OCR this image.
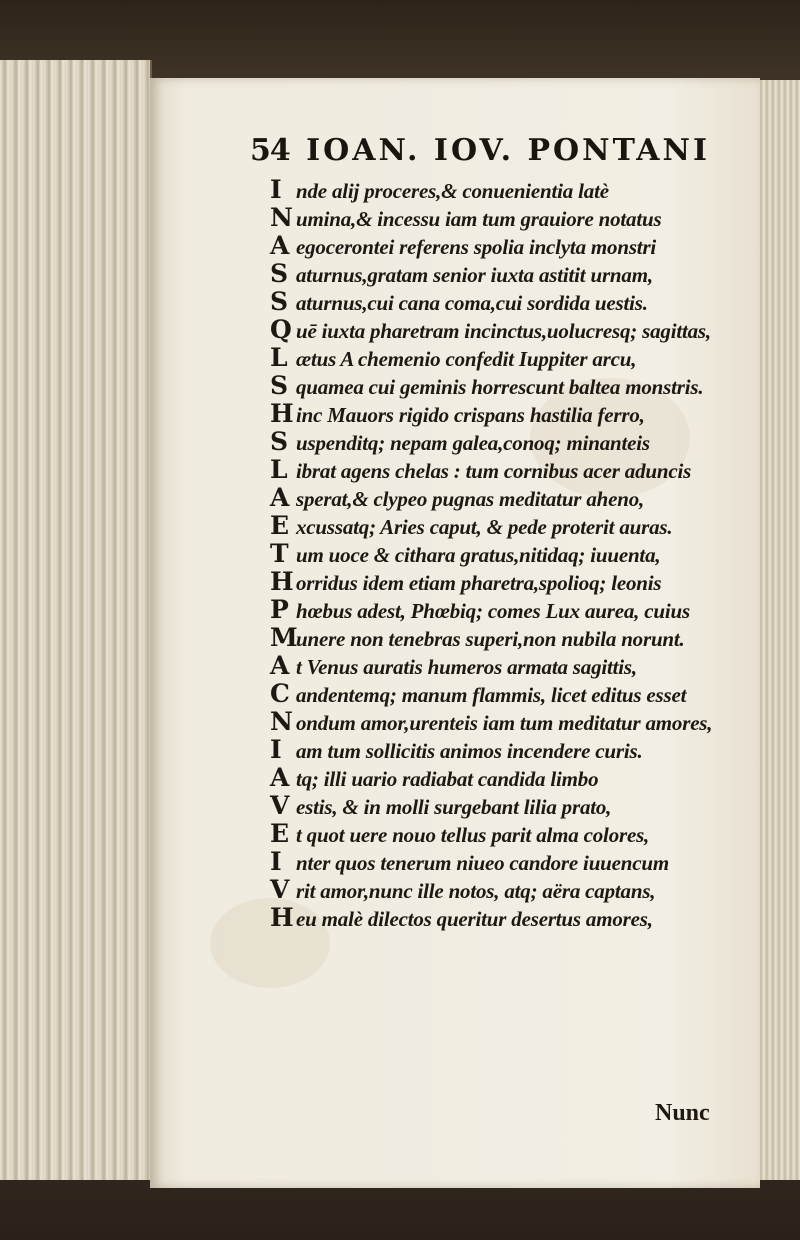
54 IOAN. IOV. PONTANI
I nde alij proceres,& conuenientia latè
N umina,& incessu iam tum grauiore notatus
A egocerontei referens spolia inclyta monstri
S aturnus,gratam senior iuxta astitit urnam,
S aturnus,cui cana coma,cui sordida uestis.
Q uē iuxta pharetram incinctus,uolucresq; sagittas,
L ætus A chemenio confedit Iuppiter arcu,
S quamea cui geminis horrescunt baltea monstris.
H inc Mauors rigido crispans hastilia ferro,
S uspenditq; nepam galea,conoq; minanteis
L ibrat agens chelas : tum cornibus acer aduncis
A sperat,& clypeo pugnas meditatur aheno,
E xcussatq; Aries caput, & pede proterit auras.
T um uoce & cithara gratus,nitidaq; iuuenta,
H orridus idem etiam pharetra,spolioq; leonis
P hœbus adest, Phœbiq; comes Lux aurea, cuius
M
unere non tenebras superi,non nubila norunt.
A t Venus auratis humeros armata sagittis,
C andentemq; manum flammis, licet editus esset
N ondum amor,urenteis iam tum meditatur amores,
I am tum sollicitis animos incendere curis.
A tq; illi uario radiabat candida limbo
V estis, & in molli surgebant lilia prato,
E t quot uere nouo tellus parit alma colores,
I nter quos tenerum niueo candore iuuencum
V rit amor,nunc ille notos, atq; aëra captans,
H eu malè dilectos queritur desertus amores,
Nunc
